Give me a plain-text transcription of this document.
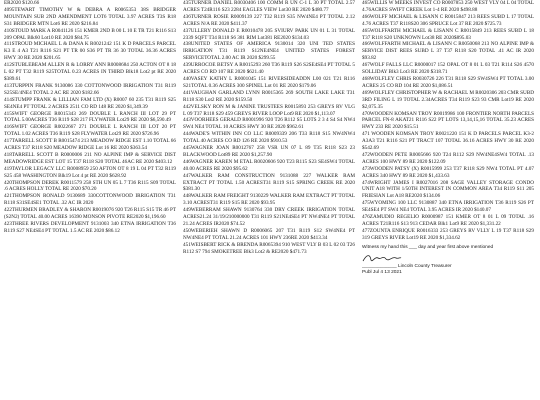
ER2020 $120.66

4095TEWART TIMOTHY W & DEBRA A R0065353 38S BRIDGER MOUNTAIN SUB 2ND AMENDMENT LOT6 TOTAL 3.97 ACRES T3S R18 S31 BRIDGER MTN Lot6 RE 2020 $216.84

410STOUD MARK A R0041126 151 KMER 2ND B 00 L 10 E TR T21 R116 S13 209 OPAL Blk60 Lot10 RE 2020 $84.75

411STROUD MICHAEL L & DANA K R0021242 151 K D PARCELS PARCEL K3 E 4 A3 T21 R116 S21 PT TR 00 S36 PT TR 36 30 TOTAL 36.36 ACRES HWY 30 RE 2020 $201.65

412STUBLEBEAM ALLEN R & LORRY ANN R0008684 250 ACTON OT 8 18 L 02 PT T32 R119 S25TOTAL 0.23 ACRES IN THIRD Blk18 Lot2 pt RE 2020 $389.61

413TURPPIN FRANK 9130086 330 COTTONWOOD IRRIGATION T31 R119 S25SE/4NE4 TOTAL 2 AC RE 2020 $182.66

414STUMPP FRANK & LILLIAN FAM LTD (X) R0007 60 235 T31 R119 S25 SE4NE4 PT TOTAL 2 ACRES 2511 CO RD 148 RE 2020 $1,349.39

415SWIFT GEORGE R0015343 269 DOUBLE L RANCH III LOT 29 PT TOTAL 5.00ACRES T36 R119 S28 217 FLYWATER Lot29 RE 2020 $6,590.49

416SWIFT GEORGE R0022667 271 DOUBLE L RANCH III LOT 20 PT TOTAL 1.02 ACRES T36 R119 S28 FLYWATER Lot29 RE 2020 $726.96

417TARRELL SCOTT B R0015474 213 MEADOW RIDGE EST 1.10 TOTAL 66 ACRES T37 R118 S20 MEADOW RIDGE Lot 16 RE 2020 $363.54

418TARRELL SCOTT B R0000006 211 NO ALPINE IMP & SERVICE DIST MEADOWRIDGE EST LOT 15 T37 R118 S20 TOTAL 46AC RE 2020 $403.12

419TAYLOR LEGACY LLC R0008959 250 AFTON OT 8 19 L 04 PT T32 R119 S25 458 WASHINGTON Blk19 Lot 4 pt RE 2020 $628.92

420THOMPSON DEREK R0011579 258 STH UN 05 L 7 T36 R115 S09 TOTAL .6 ACRES HOLLY TOTAL RE 2020 $70.20

421THOMPSON RONALD 9130689 330COTTONWOOD IRRIGATION T31 R118 S31SE4SE1 TOTAL .32 AC IR 2020

422THURMEN BRADLEY & SHARON R0019076 920 T26 R115 S15 TR 46 PT (S2N2) TOTAL 40.00 ACRES 16390 MONSON PIVOTE RE2020 $1,196.60

423THREE RIVERS DEVELOPMENT 9131003 340 ETNA IRRIGATION T36 R119 S27 NE4SE4 PT TOTAL 1.5 AC RE 2020 $86.12

435TURNER DANIEL R0030406 100 COMM R UN C-1 L 30 PT TOTAL 2.57 ACRES T24R116 S23 2284 EAGLES VIEW Lot30 RE 2020 $480.77

436TURNER ROSIE R0009139 227 T32 R119 S35 NW4NE4 PT TOTAL 2.12 ACRES N/A RE 2020 $411.37

437ULLERY DONALD E R0010478 205 SVIURV PARK UN 01 L 31 TOTAL 2339 SQFT T34 R118 S6 381 RIM Lot381 RE2020 $134.03

438UNITED STATES OF AMERICA 9130014 320 UNI TED STATES IRRIGATION T31 R119 S12NE4NE4 UNITED STATES FOREST SERVICETOTAL 2.00 AC IR 2020 $299.55

439URROCOE BETSY A R0015293 260 T36 R119 S26 S2SE4SE4 PT TOTAL 5 ACRES CO RD 107 RE 2020 $621.40

440VASEY KATHY L R0001045 151 RIVERSIDEADDN L00 021 T21 R116 S21TOTAL 0.36 ACRES 300 SPINEL Lot 01 RE 2020 $179.06

441VAUGHAN GARLAND LYNN R0015365 269 SOUTH LAKE LAKE T31 R118 S30 Lot2 RE 2020 $159.50

442VELSKY RON M & JANINE TRUSTEES R0015893 253 GREYS RV VLG L 09 T37 R118 S29 459 GREYS RIVER LOOP Lot9 RE 2020 $1,113.07

443VOORHEES GERALD R0001996 920 T26 R112 S5 LOTS 2 3 4 S4 S4 NW4 SW4 NE4 TOTAL 10 ACRES HWY 30 RE 2020 $962.61

444WADE'S WITHIN INN CO LLC R0009339 206 T33 R118 S15 NW4NW4 TOTAL 40 ACRES CO RD 126 RE 2020 $910.53

445WAGNER JOAN R0012767 258 VSR UN 07 L 89 T35 R118 S23 23 BLACKWOOD Lot89 RE 2020 $1,257.90

446WAGNER KAREN M ETAL R0020606 920 T23 R115 S23 SE4SW4 TOTAL 40.00 ACRES RE 2020 $95.62

447WALKER RAM CONSTRUCTION 9131088 227 WALKER RAM EXTRACT PT TOTAL 1.50 ACREST31 R119 S15 SPRING CREEK RE 2020 $381.30

448WALKER RAM FREIGHT 9130229 WALKER RAM EXTRACT PT TOTAL 3.10 ACREST31 R119 S15 RE 2020 $93.95

449WEBERRAM SHAWN 9130764 330 DRY CREEK IRRIGATION TOTAL ACRES21.24 31/19/210000000 T31 R119 S21NE4SE4 PT NW4NE4 PT TOTAL 21.24 ACRES IR2020 $74.52

450WEBERIEH SHAWN D R0006065 207 T31 R119 S12 SW4NE4 PT NW4NE4 PT TOTAL 21.24 ACRES 101 HWY 236RE 2020 $413.34

451WEISBERT RICK & BRENDA R0065394 910 WEST VLY B 03 L 02 03 T26 R112 S7 794 SMOKETREE Blk3 Lot2 & RE2020 $471.73

465WILLIS W MEEKS INVEST CO R0007853 250 WEST VLY 04 L 04 TOTAL 4.76ACRES SWIFT CREEK Lot 1-4 RE 2020 $498.88

466WOLFF MICHAEL & LISANN C R0015847 213 REES SUBD L 17 TOTAL 4.76 ACRES T37 R118S20 306 SPRUCE Lot 37 RE 2020 $725.73

465WOLFFARTH MICHAEL & LISANN C R0015849 213 REES SUBD L 18 T37 R118 S20 UNKNOWN Lot38 RE 2020$895.03

466WOLFFARTH MICHAEL & LISANN C R0050068 213 NO ALPINE IMP & SERVICE DIST REES SUBD L 37 T37 R118 S20 TOTAL .41 AC IR 2020 $93.82

467WOLF FALLS LLC R0000017 152 OPAL OT 8 01 L 03 T21 R114 S26 4570 SOLLIDAY Blk3 Lot3 RE 2020 $318.71

468WOLFLEY CHRIS R0030726 226 T31 R118 S29 SW4SW4 PT TOTAL 3.00 ACRES 25 CO RD 104 RE 2020 $1,086.51

469WOLFLEY CHRISTOPHER W & RACHAEL M R0020306 203 CMR SUBD 3RD FILING L 19 TOTAL 2.34ACRES T34 R119 S23 93 CMR Lot19 RE 2020 $2,075.35

470WOODEN KOMSAN TROY R0019986 100 FRONTIER NORTH PARCELS PARCEL FN-8 AKAT21 R116 S22 PT LOTS 13,14,15,16 TOTAL 35.23 ACRES HWY 233 RE 2020 $15.51

471 WOODEN KOMSAN TROY R0021220 151 K D PARCELS PARCEL K3-2 A3A3 T21 R116 S21 PT TRACT 107 TOTAL 36.16 ACRES HWY 30 RE 2020 $542.69

472WOODEN PETE R0005666 920 T24 R112 S29 NW4NE4SW4 TOTAL .13 ACRES 100 HWY 89 RE 2020 $122.09

473WOODEN PATSY (X) R0015999 253 T37 R118 S29 NW4 TOTAL PT 4.07 ACRES 340 HWY 89 RE 2020 $1,433.63

474WRIGHT JAMES I R0027016 208 SAGE VALLEY STORAGE CONDO UNIT A18 WITH 1/50TH INTEREST IN COMMON AREA T34 R119 S11 205 FRIESIAN Lot A18 RE2020 $134.06

475WYOMING 100 LLC 9130887 340 ETNA IRRIGATION T36 R119 S26 PT SE4SE4 PT SW4 NE4 TOTAL 3.95 ACRES IR 2020 $140.07

476ZAMUDIO REGELIO R0000987 151 KMER OT 8 01 L 09 TOTAL .16 ACRES T21R116 S13 913 CEDAR Blk1 Lot9 RE 2020 $1,331.22

477ZOUNTA ENRIQUE R0016333 253 GREYS RV VLLY L 19 T37 R118 S29 319 GREYS RIVER Lot19 RE 2020 $1,334.62

Witness my hand this ___ day and year first above mentioned
_____________ Lincoln County Treasurer
Publ Jul 4 13 2021
